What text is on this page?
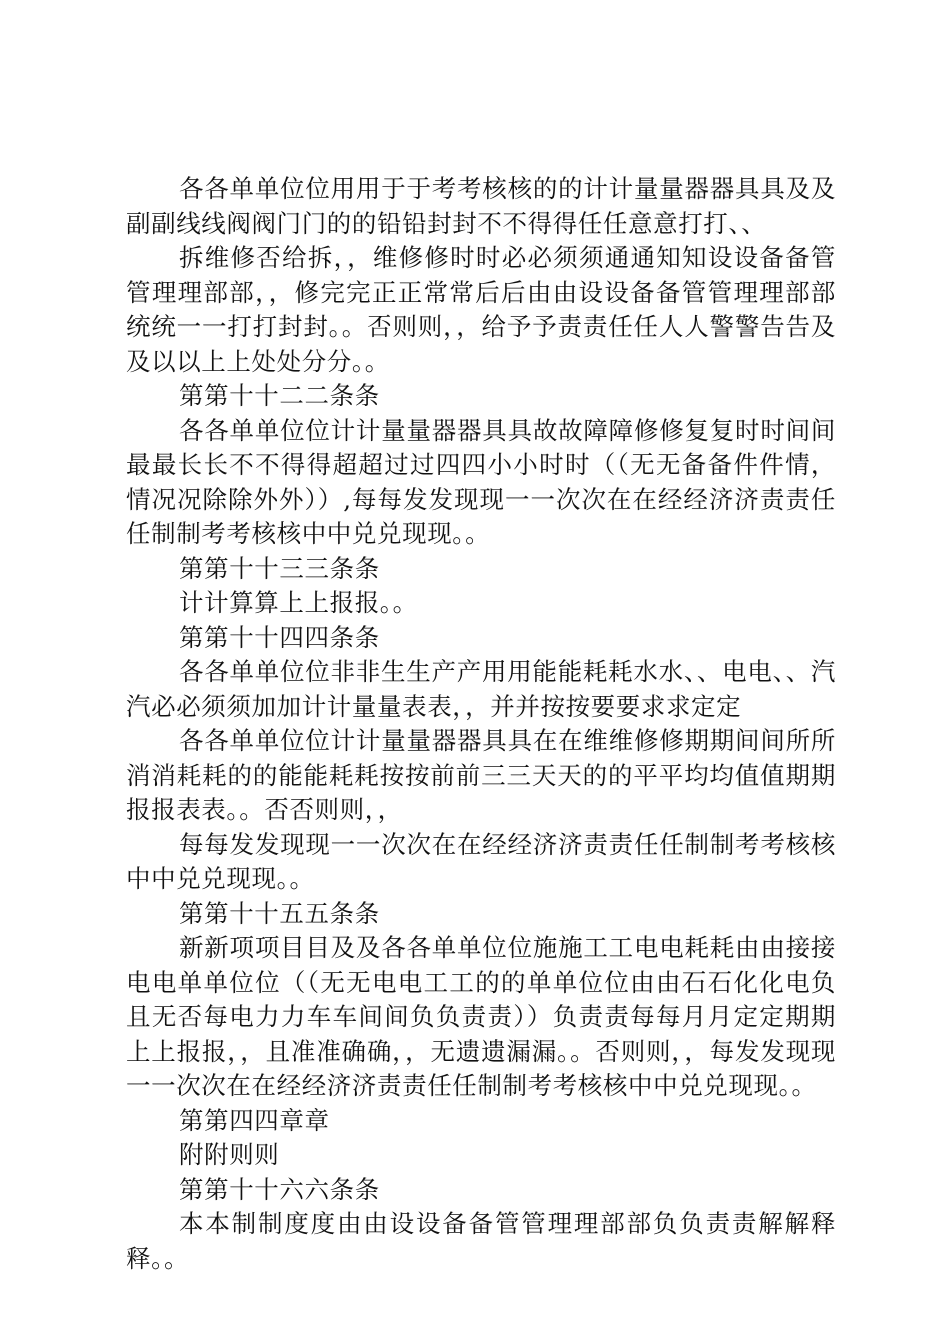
各各单单位位用用于于考考核核的的计计量量器器具具及及副副线线阀阀门门的的铅铅封封不不得得任任意意打打、、

拆维修否给拆，，维修修时时必必须须通通知知设设备备管管理理部部，，修完完正正常常后后由由设设备备管管理理部部统统一一打打封封。。否则则，，给予予责责任任人人警警告告及及以以上上处处分分。。

第第十十二二条条

各各单单位位计计量量器器具具故故障障修修复复时时间间最最长长不不得得超超过过四四小小时时（（无无备备件件情，情况况除除外外））,每每发发现现一一次次在在经经济济责责任任制制考考核核中中兑兑现现。。

第第十十三三条条

计计算算上上报报。。

第第十十四四条条

各各单单位位非非生生产产用用能能耗耗水水、、电电、、汽汽必必须须加加计计量量表表，，并并按按要要求求定定

各各单单位位计计量量器器具具在在维维修修期期间间所所消消耗耗的的能能耗耗按按前前三三天天的的平平均均值值期期报报表表。。否否则则，，

每每发发现现一一次次在在经经济济责责任任制制考考核核中中兑兑现现。。

第第十十五五条条

新新项项目目及及各各单单位位施施工工电电耗耗由由接接电电单单位位（（无无电电工工的的单单位位由由石石化化电负且无否每电力力车车间间负负责责））负责责每每月月定定期期上上报报，，且准准确确，，无遗遗漏漏。。否则则，，每发发现现一一次次在在经经济济责责任任制制考考核核中中兑兑现现。。

第第四四章章

附附则则

第第十十六六条条

本本制制度度由由设设备备管管理理部部负负责责解解释释。。
